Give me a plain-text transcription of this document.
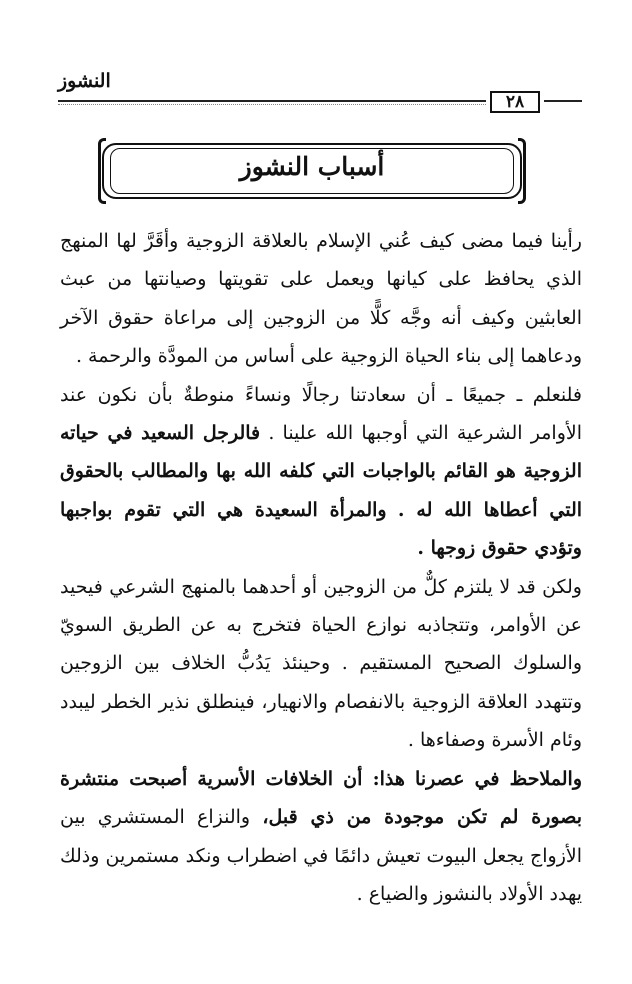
النشوز
٢٨
أسباب النشوز

رأينا فيما مضى كيف عُني الإسلام بالعلاقة الزوجية وأقَرَّ لها المنهج الذي يحافظ على كيانها ويعمل على تقويتها وصيانتها من عبث العابثين وكيف أنه وجَّه كلًّا من الزوجين إلى مراعاة حقوق الآخر ودعاهما إلى بناء الحياة الزوجية على أساس من المودَّة والرحمة .

فلنعلم ـ جميعًا ـ أن سعادتنا رجالًا ونساءً منوطةٌ بأن نكون عند الأوامر الشرعية التي أوجبها الله علينا . فالرجل السعيد في حياته الزوجية هو القائم بالواجبات التي كلفه الله بها والمطالب بالحقوق التي أعطاها الله له . والمرأة السعيدة هي التي تقوم بواجبها وتؤدي حقوق زوجها .

ولكن قد لا يلتزم كلٌّ من الزوجين أو أحدهما بالمنهج الشرعي فيحيد عن الأوامر، وتتجاذبه نوازع الحياة فتخرج به عن الطريق السويّ والسلوك الصحيح المستقيم . وحينئذ يَدُبُّ الخلاف بين الزوجين وتتهدد العلاقة الزوجية بالانفصام والانهيار، فينطلق نذير الخطر ليبدد وئام الأسرة وصفاءها .

والملاحظ في عصرنا هذا: أن الخلافات الأسرية أصبحت منتشرة بصورة لم تكن موجودة من ذي قبل، والنزاع المستشري بين الأزواج يجعل البيوت تعيش دائمًا في اضطراب ونكد مستمرين وذلك يهدد الأولاد بالنشوز والضياع .
